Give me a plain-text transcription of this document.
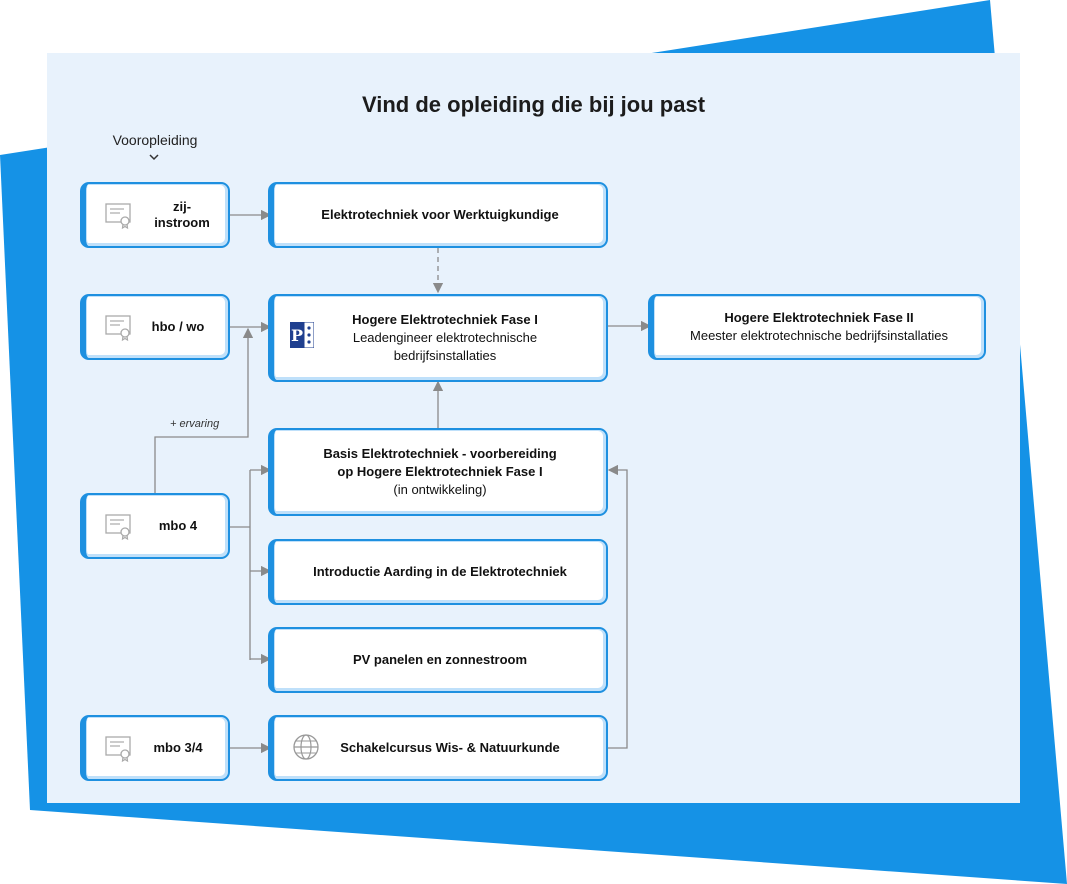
Vind de opleiding die bij jou past
Vooropleiding
+ ervaring
zij-instroom
hbo / wo
mbo 4
mbo 3/4
Elektrotechniek voor Werktuigkundige
P
Hogere Elektrotechniek Fase I
Leadengineer elektrotechnische bedrijfsinstallaties
Hogere Elektrotechniek Fase II
Meester elektrotechnische bedrijfsinstallaties
Basis Elektrotechniek - voorbereiding op Hogere Elektrotechniek Fase I
(in ontwikkeling)
Introductie Aarding in de Elektrotechniek
PV panelen en zonnestroom
Schakelcursus Wis- & Natuurkunde
